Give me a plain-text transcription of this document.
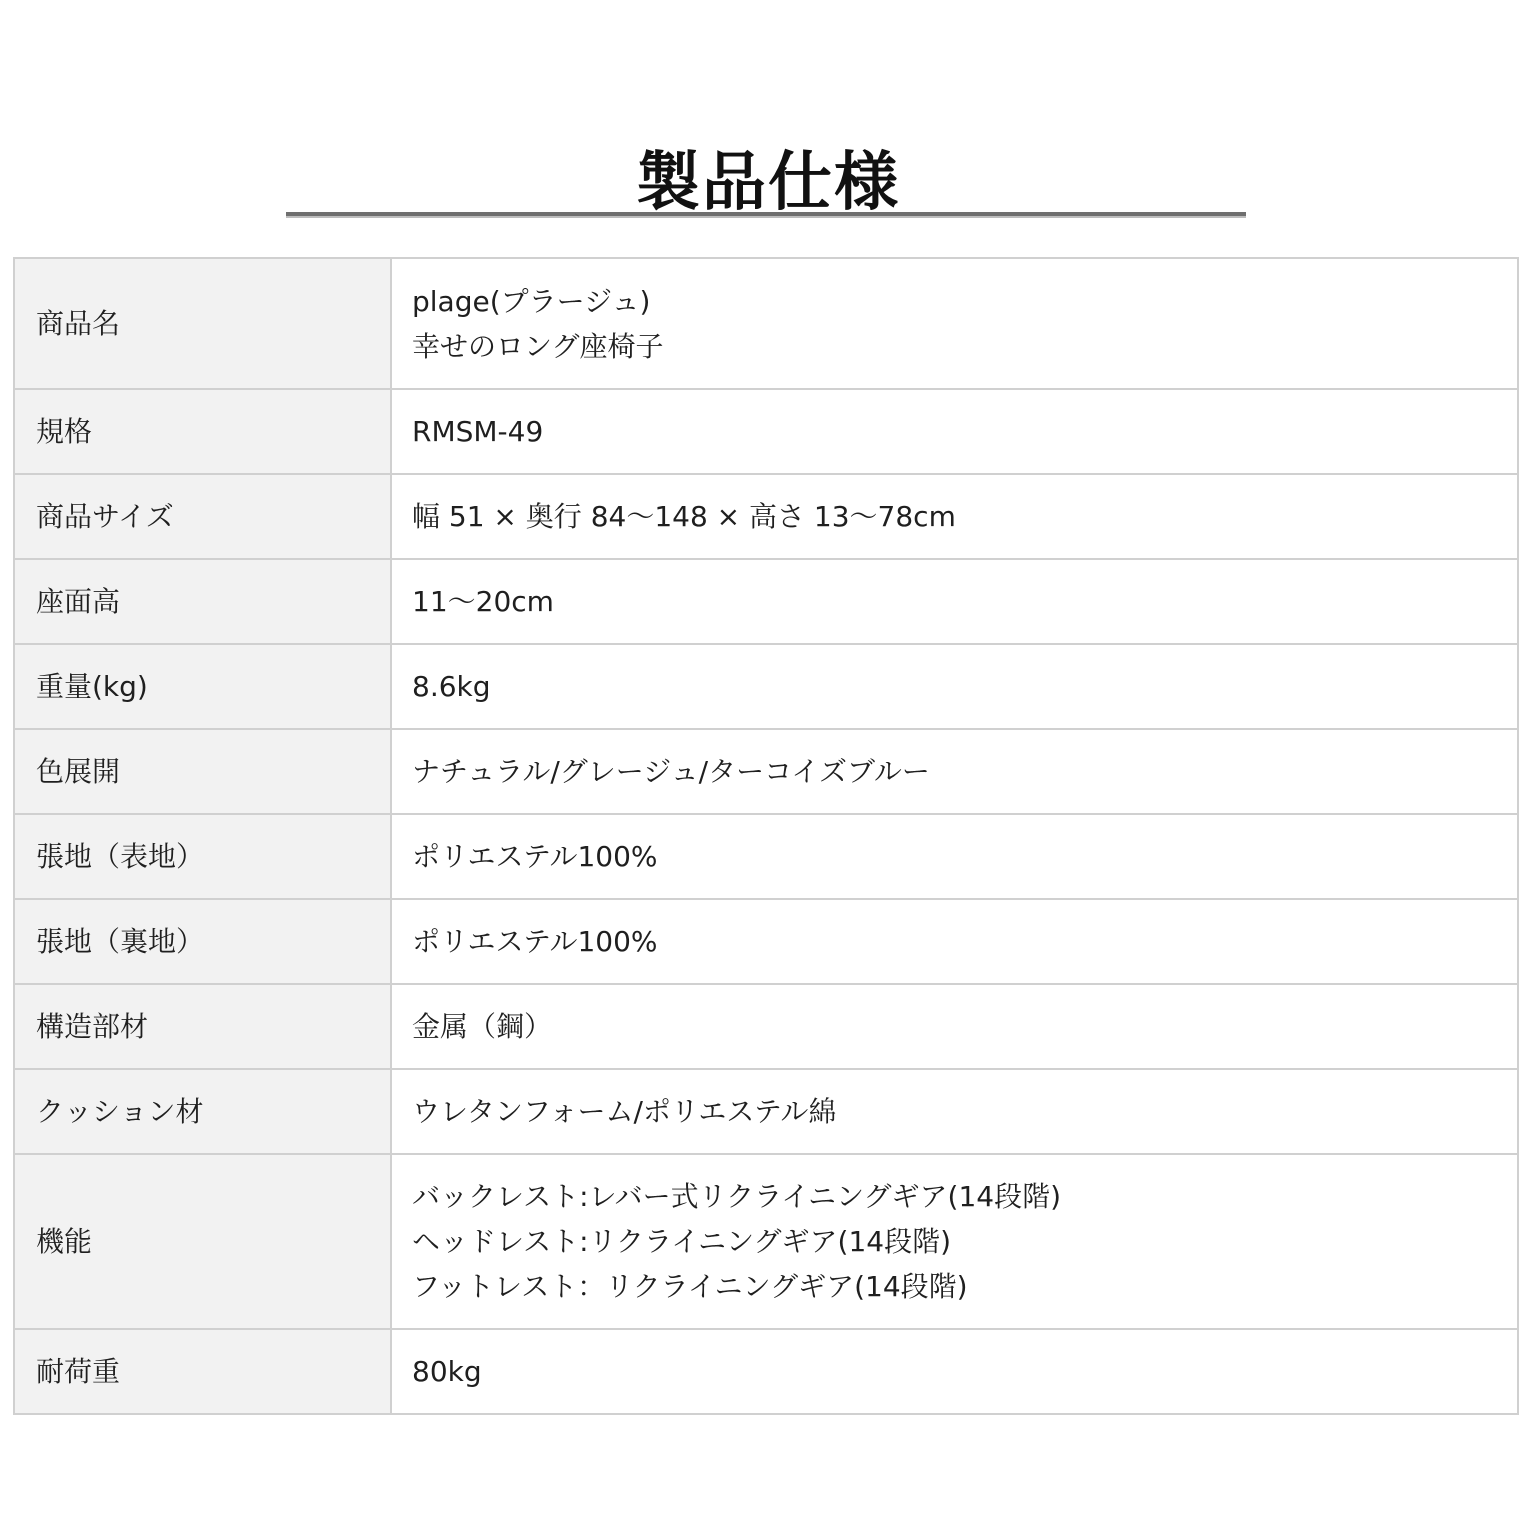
製品仕様
商品名	plage(プラージュ)
幸せのロング座椅子

規格	RMSM-49

商品サイズ	幅 51 × 奥行 84〜148 × 高さ 13〜78cm

座面高	11〜20cm

重量(kg)	8.6kg

色展開	ナチュラル/グレージュ/ターコイズブルー

張地（表地）	ポリエステル100%

張地（裏地）	ポリエステル100%

構造部材	金属（鋼）

クッション材	ウレタンフォーム/ポリエステル綿

機能	バックレスト:レバー式リクライニングギア(14段階)
ヘッドレスト:リクライニングギア(14段階)
フットレスト：リクライニングギア(14段階)

耐荷重	80kg
